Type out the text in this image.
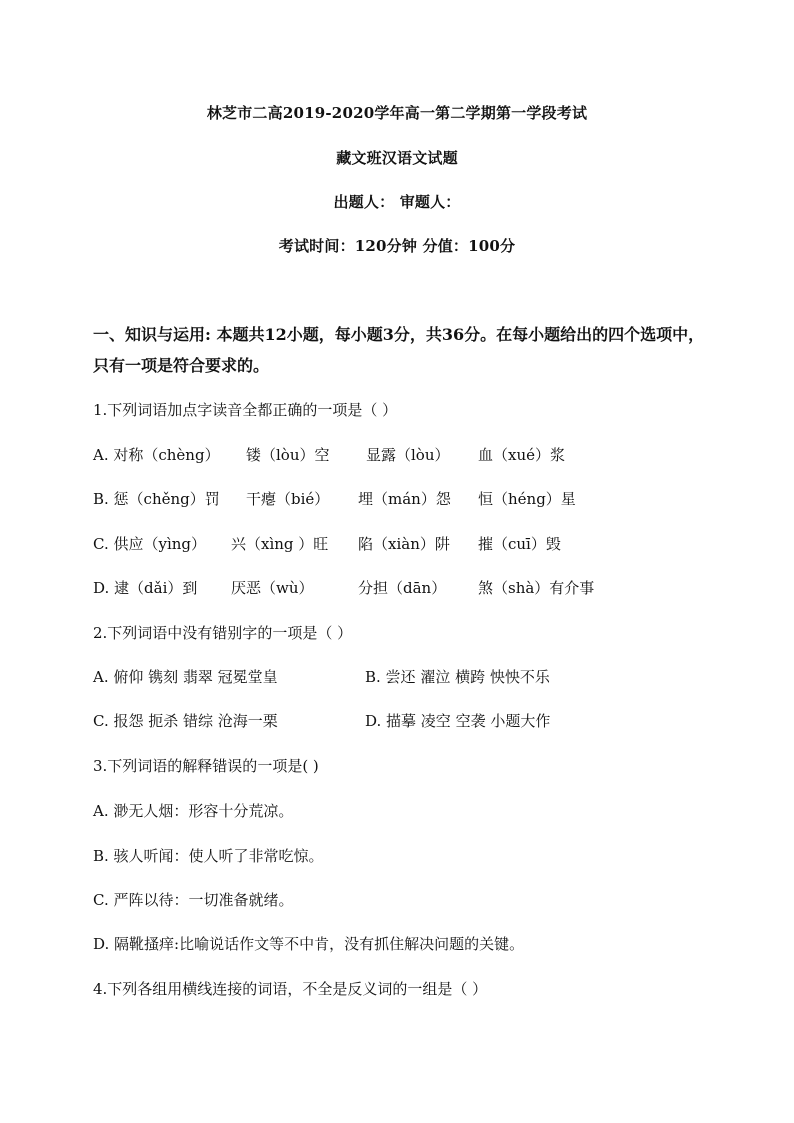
林芝市二高2019-2020学年高一第二学期第一学段考试
藏文班汉语文试题
出题人： 审题人：
考试时间：120分钟 分值：100分
一、知识与运用: 本题共12小题，每小题3分，共36分。在每小题给出的四个选项中，
只有一项是符合要求的。
1.下列词语加点字读音全都正确的一项是（ ）
A. 对称（chèng） 镂（lòu）空 显露（lòu） 血（xué）浆
B. 惩（chěng）罚 干瘪（bié） 埋（mán）怨 恒（héng）星
C. 供应（yìng） 兴（xìng ）旺 陷（xiàn）阱 摧（cuī）毁
D. 逮（dǎi）到 厌恶（wù）	分担（dān） 煞（shà）有介事
2.下列词语中没有错别字的一项是（ ）
A. 俯仰 镌刻 翡翠 冠冕堂皇	B. 尝还 濯泣 横跨 怏怏不乐
C. 报怨 扼杀 错综 沧海一栗	D. 描摹 凌空 空袭 小题大作
3.下列词语的解释错误的一项是( )
A. 渺无人烟：形容十分荒凉。
B. 骇人听闻：使人听了非常吃惊。
C. 严阵以待：一切准备就绪。
D. 隔靴搔痒:比喻说话作文等不中肯，没有抓住解决问题的关键。
4.下列各组用横线连接的词语，不全是反义词的一组是（ ）
